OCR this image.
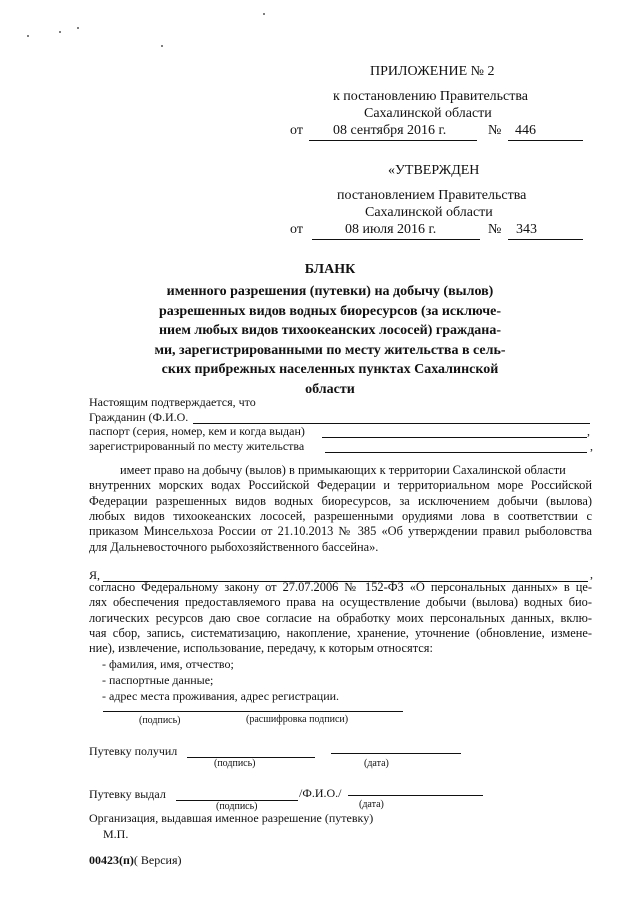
ПРИЛОЖЕНИЕ № 2
к постановлению Правительства
Сахалинской области
от 08 сентября 2016 г.	№ 446
«УТВЕРЖДЕН
постановлением Правительства
Сахалинской области
от	08 июля 2016 г.	№ 343
БЛАНК
именного разрешения (путевки) на добычу (вылов)
разрешенных видов водных биоресурсов (за исключе-
нием любых видов тихоокеанских лососей) граждана-
ми, зарегистрированными по месту жительства в сель-
ских прибрежных населенных пунктах Сахалинской
области
Настоящим подтверждается, что
Гражданин (Ф.И.О.
паспорт (серия, номер, кем и когда выдан)	,
зарегистрированный по месту жительства	,
имеет право на добычу (вылов) в примыкающих к территории Сахалинской области
внутренних морских водах Российской Федерации и территориальном море Российской
Федерации разрешенных видов водных биоресурсов, за исключением добычи (вылова)
любых видов тихоокеанских лососей, разрешенными орудиями лова в соответствии с
приказом Минсельхоза России от 21.10.2013 № 385 «Об утверждении правил рыболовства
для Дальневосточного рыбохозяйственного бассейна».
Я,	,
согласно Федеральному закону от 27.07.2006 № 152-ФЗ «О персональных данных» в це-
лях обеспечения предоставляемого права на осуществление добычи (вылова) водных био-
логических ресурсов даю свое согласие на обработку моих персональных данных, вклю-
чая сбор, запись, систематизацию, накопление, хранение, уточнение (обновление, измене-
ние), извлечение, использование, передачу, к которым относятся:
- фамилия, имя, отчество;
- паспортные данные;
- адрес места проживания, адрес регистрации.
(подпись)	(расшифровка подписи)
Путевку получил
(подпись)	(дата)
Путевку выдал	/Ф.И.О./
(подпись)	(дата)
Организация, выдавшая именное разрешение (путевку)
М.П.
00423(п)( Версия)
